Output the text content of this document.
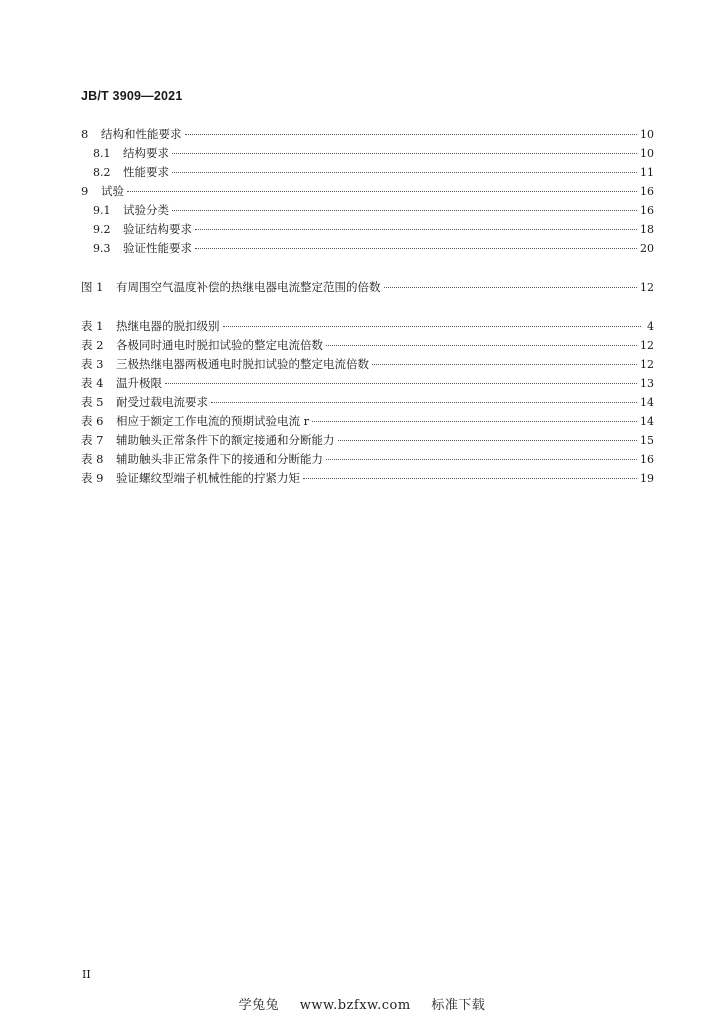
JB/T 3909—2021
8	结构和性能要求	10
8.1	结构要求	10
8.2	性能要求	11
9	试验	16
9.1	试验分类	16
9.2	验证结构要求	18
9.3	验证性能要求	20
图 1	有周围空气温度补偿的热继电器电流整定范围的倍数	12
表 1	热继电器的脱扣级别	4
表 2	各极同时通电时脱扣试验的整定电流倍数	12
表 3	三极热继电器两极通电时脱扣试验的整定电流倍数	12
表 4	温升极限	13
表 5	耐受过载电流要求	14
表 6	相应于额定工作电流的预期试验电流 r	14
表 7	辅助触头正常条件下的额定接通和分断能力	15
表 8	辅助触头非正常条件下的接通和分断能力	16
表 9	验证螺纹型端子机械性能的拧紧力矩	19
II
学兔兔 www.bzfxw.com 标准下载
